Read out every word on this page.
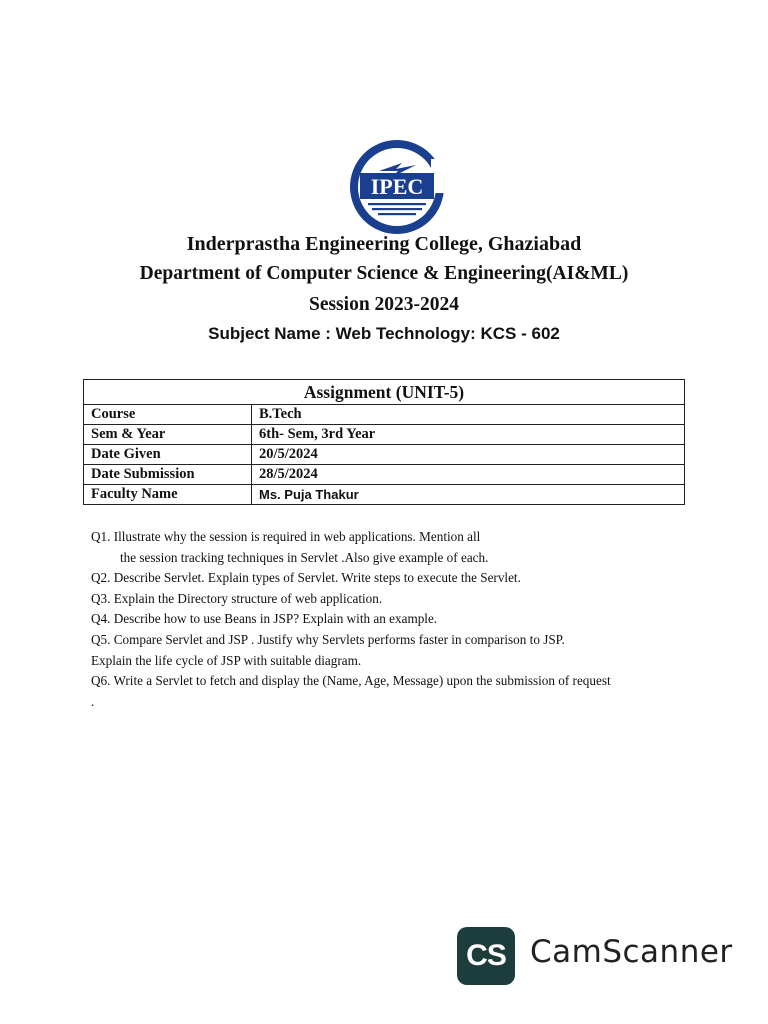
IPEC
Inderprastha Engineering College, Ghaziabad
Department of Computer Science & Engineering(AI&ML)
Session 2023-2024
Subject Name : Web Technology: KCS - 602
Assignment (UNIT-5)	
Course	B.Tech
Sem & Year	6th- Sem, 3rd Year
Date Given	20/5/2024
Date Submission	28/5/2024
Faculty Name	Ms. Puja Thakur
Q1. Illustrate why the session is required in web applications. Mention all
the session tracking techniques in Servlet .Also give example of each.
Q2. Describe Servlet. Explain types of Servlet. Write steps to execute the Servlet.
Q3. Explain the Directory structure of web application.
Q4. Describe how to use Beans in JSP? Explain with an example.
Q5. Compare Servlet and JSP . Justify why Servlets performs faster in comparison to JSP.
Explain the life cycle of JSP with suitable diagram.
Q6. Write a Servlet to fetch and display the (Name, Age, Message) upon the submission of request
.
CS CamScanner
